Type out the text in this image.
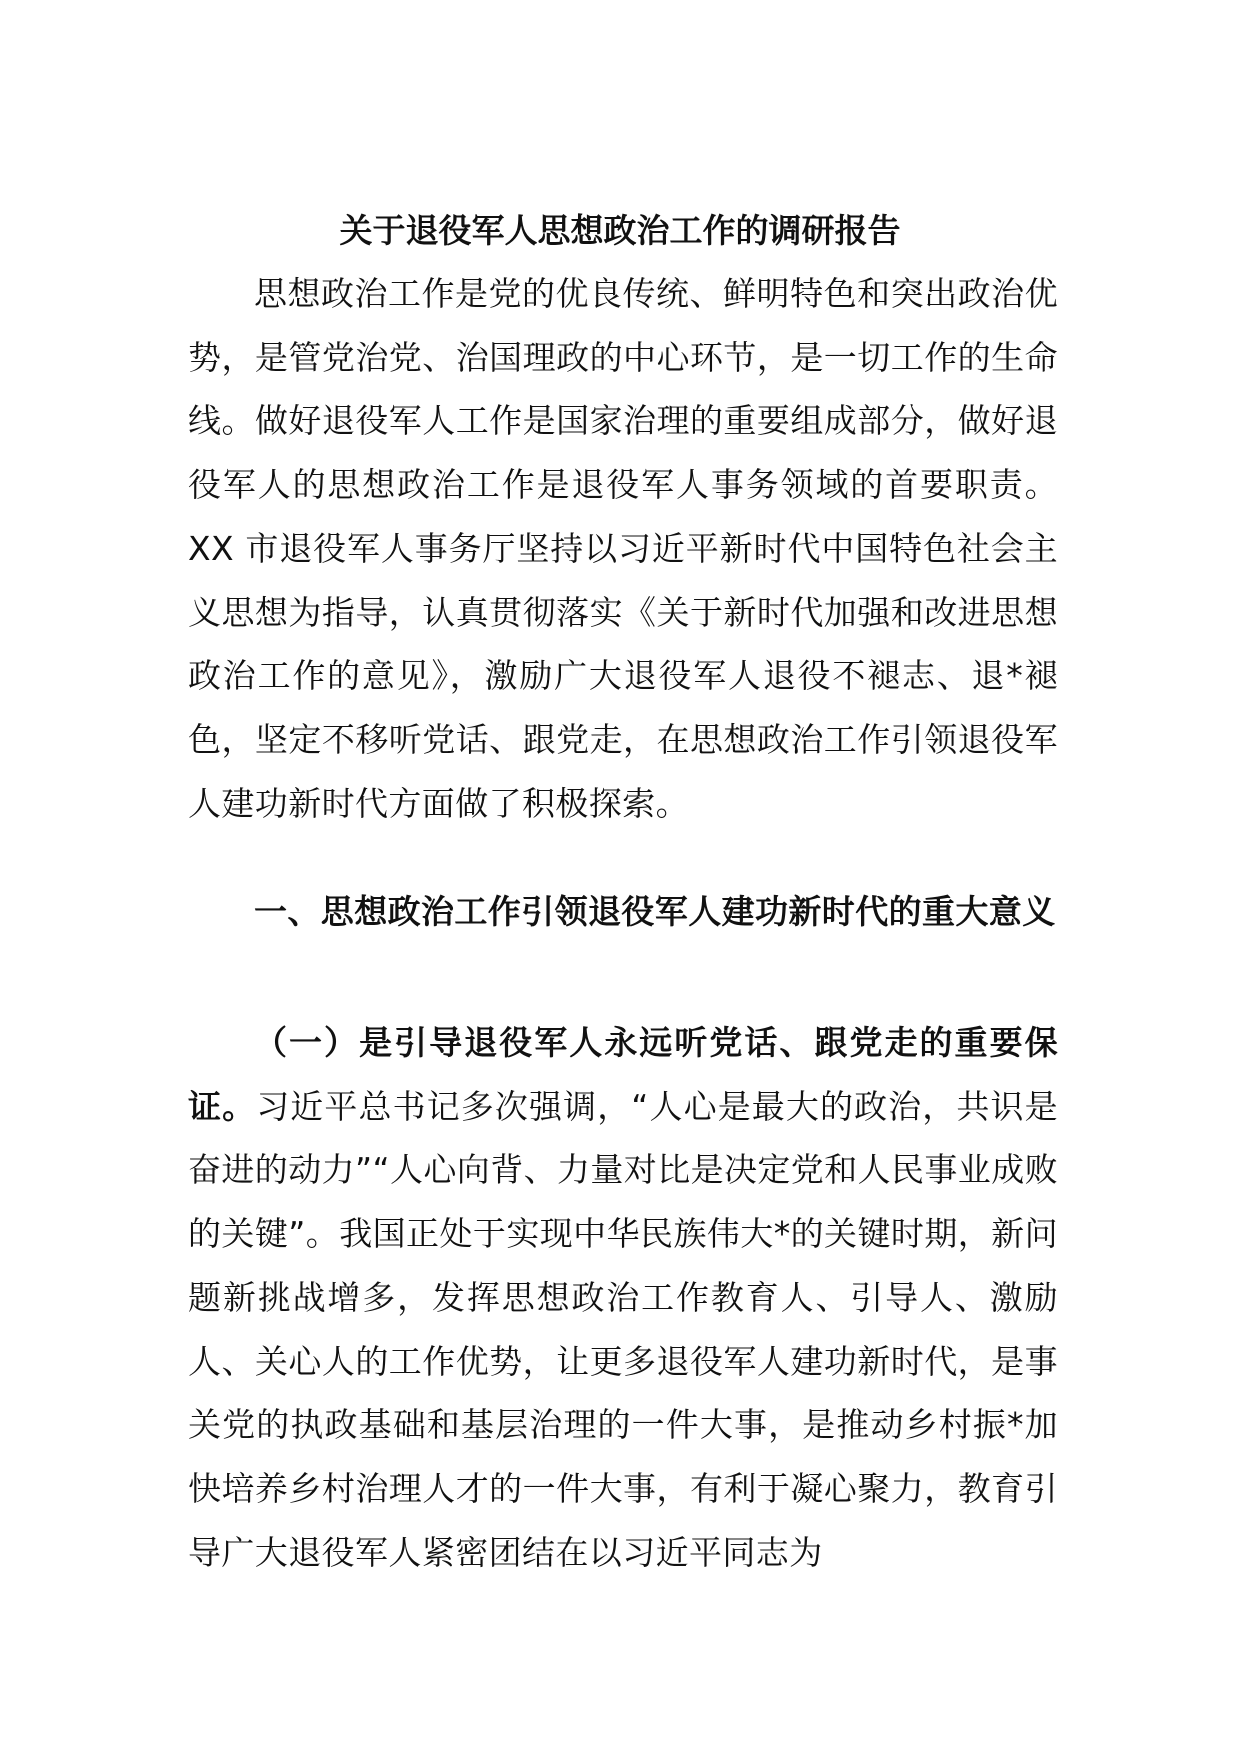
关于退役军人思想政治工作的调研报告

思想政治工作是党的优良传统、鲜明特色和突出政治优势，是管党治党、治国理政的中心环节，是一切工作的生命线。做好退役军人工作是国家治理的重要组成部分，做好退役军人的思想政治工作是退役军人事务领域的首要职责。XX 市退役军人事务厅坚持以习近平新时代中国特色社会主义思想为指导，认真贯彻落实《关于新时代加强和改进思想政治工作的意见》，激励广大退役军人退役不褪志、退*褪色，坚定不移听党话、跟党走，在思想政治工作引领退役军人建功新时代方面做了积极探索。

一、思想政治工作引领退役军人建功新时代的重大意义

（一）是引导退役军人永远听党话、跟党走的重要保证。习近平总书记多次强调，“人心是最大的政治，共识是奋进的动力”“人心向背、力量对比是决定党和人民事业成败的关键”。我国正处于实现中华民族伟大*的关键时期，新问题新挑战增多，发挥思想政治工作教育人、引导人、激励人、关心人的工作优势，让更多退役军人建功新时代，是事关党的执政基础和基层治理的一件大事，是推动乡村振*加快培养乡村治理人才的一件大事，有利于凝心聚力，教育引导广大退役军人紧密团结在以习近平同志为
